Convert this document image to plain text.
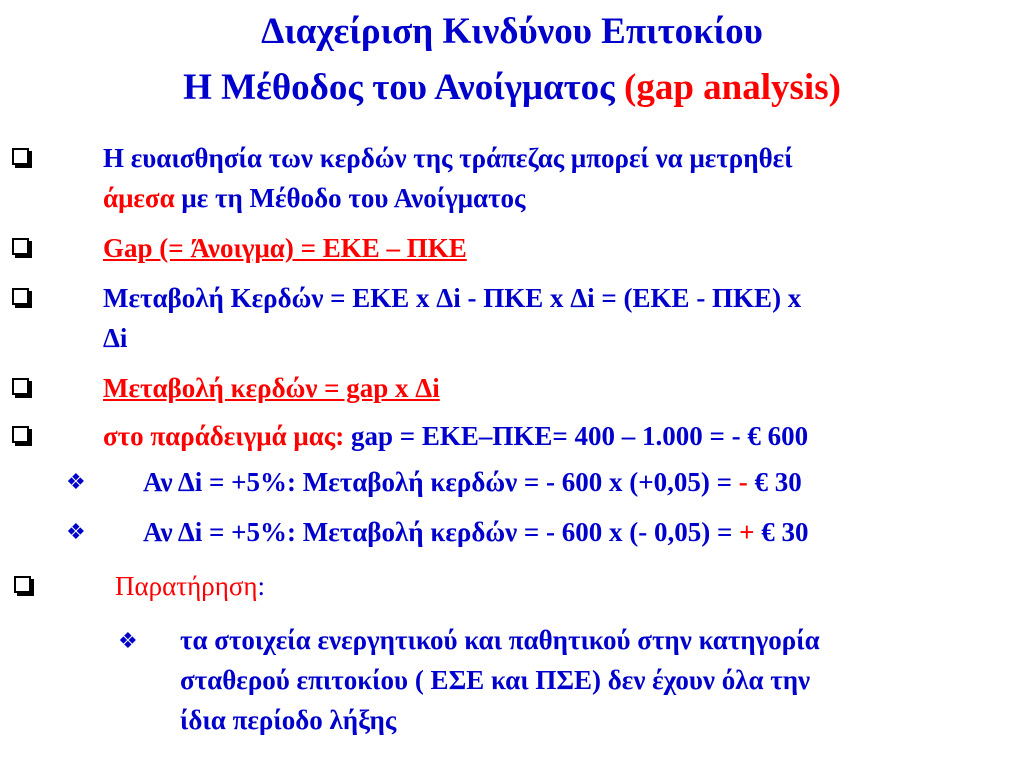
Διαχείριση Κινδύνου Επιτοκίου
Η Μέθοδος του Ανοίγματος (gap analysis)
Η ευαισθησία των κερδών της τράπεζας μπορεί να μετρηθεί
άμεσα με τη Μέθοδο του Ανοίγματος
Gap (= Άνοιγμα) = ΕΚΕ – ΠΚΕ
Μεταβολή Κερδών = ΕΚΕ x Δi - ΠΚΕ x Δi = (ΕΚΕ - ΠΚΕ) x
Δi
Μεταβολή κερδών = gap x Δi
στο παράδειγμά μας: gap = ΕΚΕ–ΠΚΕ= 400 – 1.000 = - € 600
❖ Αν Δi = +5%: Μεταβολή κερδών = - 600 x (+0,05) = - € 30
❖ Αν Δi = +5%: Μεταβολή κερδών = - 600 x (- 0,05) = + € 30
Παρατήρηση:
❖ τα στοιχεία ενεργητικού και παθητικού στην κατηγορία
σταθερού επιτοκίου ( ΕΣΕ και ΠΣΕ) δεν έχουν όλα την
ίδια περίοδο λήξης
